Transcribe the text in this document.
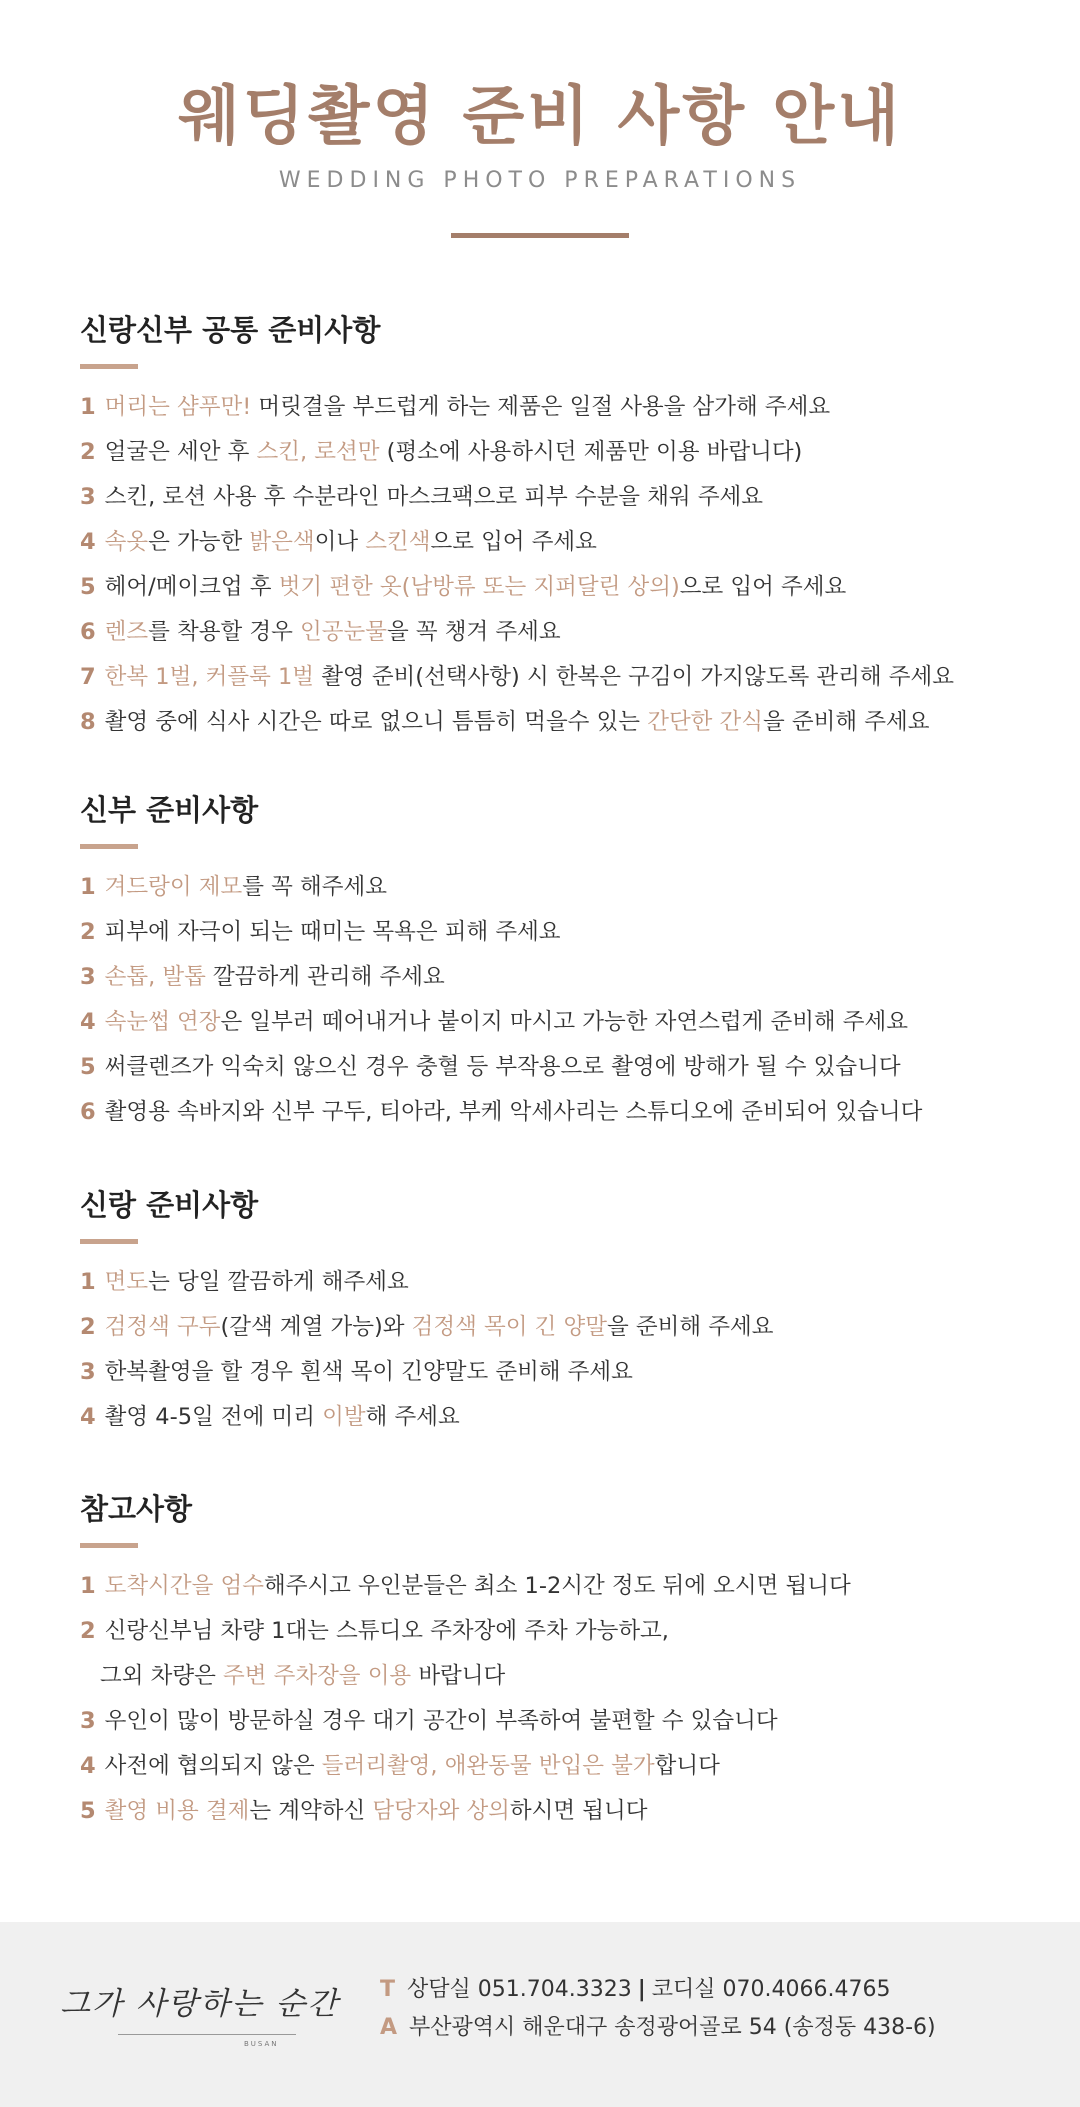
웨딩촬영 준비 사항 안내
WEDDING PHOTO PREPARATIONS
신랑신부 공통 준비사항
1 머리는 샴푸만! 머릿결을 부드럽게 하는 제품은 일절 사용을 삼가해 주세요
2 얼굴은 세안 후 스킨, 로션만 (평소에 사용하시던 제품만 이용 바랍니다)
3 스킨, 로션 사용 후 수분라인 마스크팩으로 피부 수분을 채워 주세요
4 속옷은 가능한 밝은색이나 스킨색으로 입어 주세요
5 헤어/메이크업 후 벗기 편한 옷(남방류 또는 지퍼달린 상의)으로 입어 주세요
6 렌즈를 착용할 경우 인공눈물을 꼭 챙겨 주세요
7 한복 1벌, 커플룩 1벌 촬영 준비(선택사항) 시 한복은 구김이 가지않도록 관리해 주세요
8 촬영 중에 식사 시간은 따로 없으니 틈틈히 먹을수 있는 간단한 간식을 준비해 주세요
신부 준비사항
1 겨드랑이 제모를 꼭 해주세요
2 피부에 자극이 되는 때미는 목욕은 피해 주세요
3 손톱, 발톱 깔끔하게 관리해 주세요
4 속눈썹 연장은 일부러 떼어내거나 붙이지 마시고 가능한 자연스럽게 준비해 주세요
5 써클렌즈가 익숙치 않으신 경우 충혈 등 부작용으로 촬영에 방해가 될 수 있습니다
6 촬영용 속바지와 신부 구두, 티아라, 부케 악세사리는 스튜디오에 준비되어 있습니다
신랑 준비사항
1 면도는 당일 깔끔하게 해주세요
2 검정색 구두(갈색 계열 가능)와 검정색 목이 긴 양말을 준비해 주세요
3 한복촬영을 할 경우 흰색 목이 긴양말도 준비해 주세요
4 촬영 4-5일 전에 미리 이발해 주세요
참고사항
1 도착시간을 엄수해주시고 우인분들은 최소 1-2시간 정도 뒤에 오시면 됩니다
2 신랑신부님 차량 1대는 스튜디오 주차장에 주차 가능하고,
그외 차량은 주변 주차장을 이용 바랍니다
3 우인이 많이 방문하실 경우 대기 공간이 부족하여 불편할 수 있습니다
4 사전에 협의되지 않은 들러리촬영, 애완동물 반입은 불가합니다
5 촬영 비용 결제는 계약하신 담당자와 상의하시면 됩니다
그가 사랑하는 순간
BUSAN
T 상담실 051.704.3323 | 코디실 070.4066.4765
A 부산광역시 해운대구 송정광어골로 54 (송정동 438-6)
